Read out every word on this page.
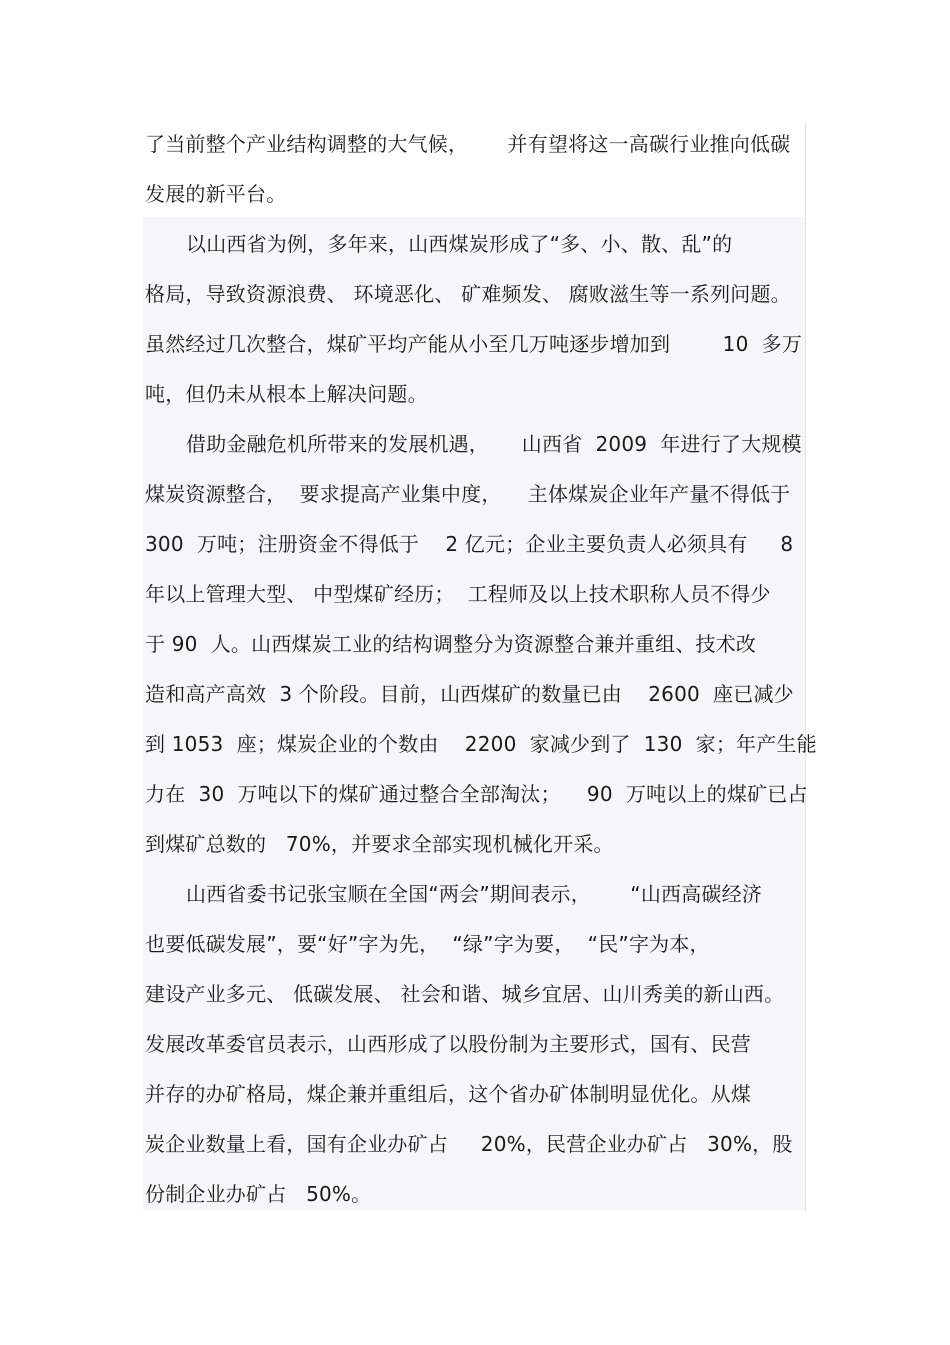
了当前整个产业结构调整的大气候，      并有望将这一高碳行业推向低碳
发展的新平台。
以山西省为例，多年来，山西煤炭形成了“多、小、散、乱”的
格局，导致资源浪费、 环境恶化、 矿难频发、 腐败滋生等一系列问题。
虽然经过几次整合，煤矿平均产能从小至几万吨逐步增加到        10  多万
吨，但仍未从根本上解决问题。
借助金融危机所带来的发展机遇，     山西省  2009  年进行了大规模
煤炭资源整合，  要求提高产业集中度，    主体煤炭企业年产量不得低于
300  万吨；注册资金不得低于    2 亿元；企业主要负责人必须具有     8
年以上管理大型、 中型煤矿经历；  工程师及以上技术职称人员不得少
于 90  人。山西煤炭工业的结构调整分为资源整合兼并重组、技术改
造和高产高效  3 个阶段。目前，山西煤矿的数量已由    2600  座已减少
到 1053  座；煤炭企业的个数由    2200  家减少到了  130  家；年产生能
力在  30  万吨以下的煤矿通过整合全部淘汰；    90  万吨以上的煤矿已占
到煤矿总数的   70%，并要求全部实现机械化开采。
山西省委书记张宝顺在全国“两会”期间表示，      “山西高碳经济
也要低碳发展”，要“好”字为先，  “绿”字为要，  “民”字为本，
建设产业多元、 低碳发展、 社会和谐、城乡宜居、山川秀美的新山西。
发展改革委官员表示，山西形成了以股份制为主要形式，国有、民营
并存的办矿格局，煤企兼并重组后，这个省办矿体制明显优化。从煤
炭企业数量上看，国有企业办矿占     20%，民营企业办矿占   30%，股
份制企业办矿占   50%。
